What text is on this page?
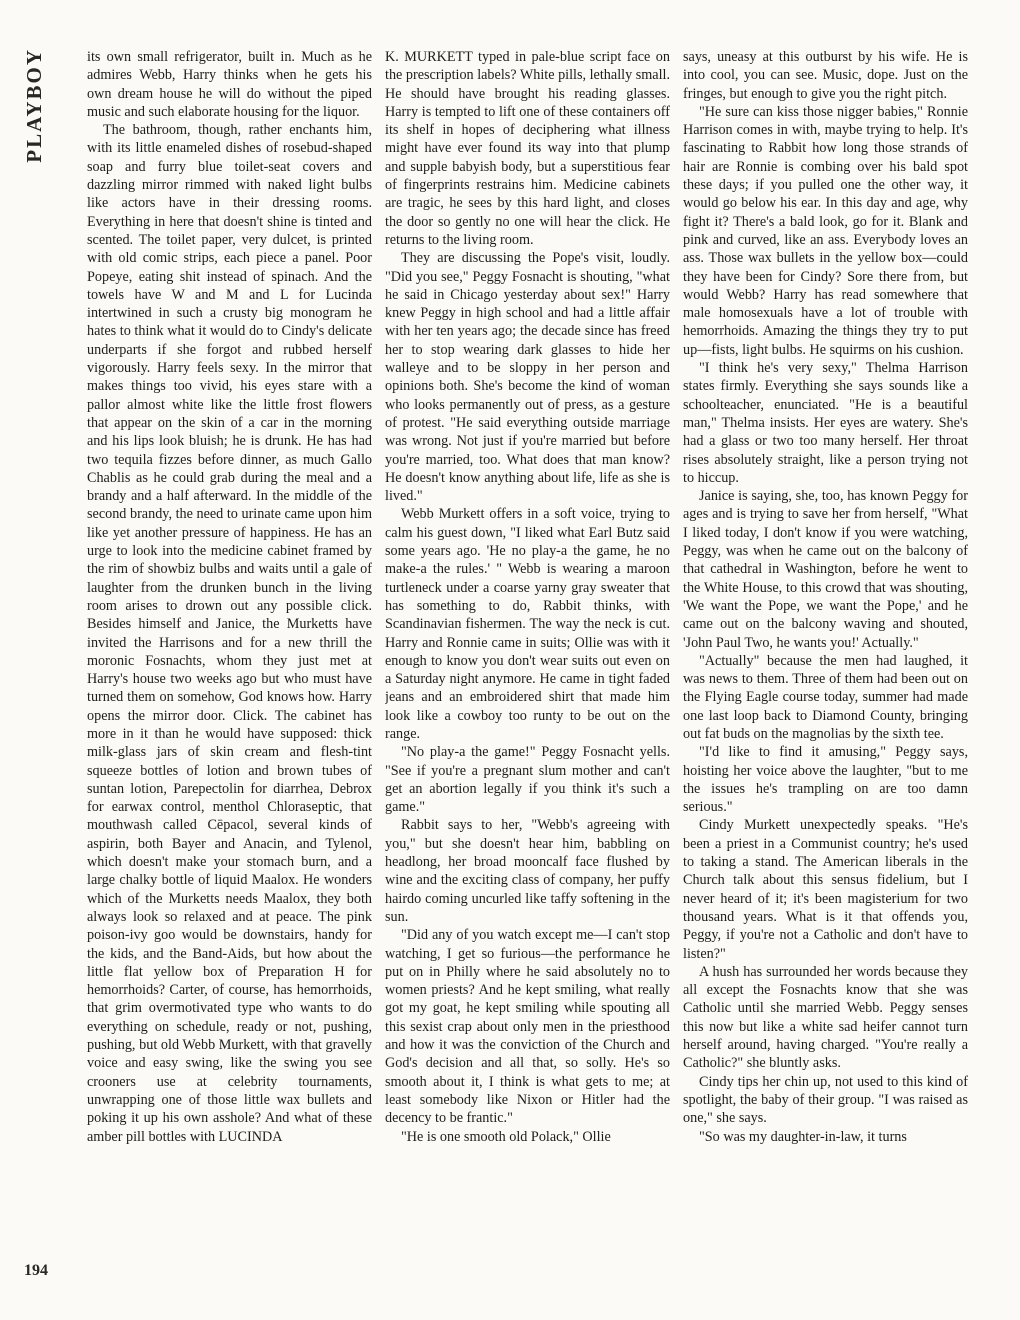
PLAYBOY	its own small refrigerator, built in. Much as he admires Webb, Harry thinks when he gets his own dream house he will do without the piped music and such elaborate housing for the liquor.

The bathroom, though, rather enchants him, with its little enameled dishes of rosebud-shaped soap and furry blue toilet-seat covers and dazzling mirror rimmed with naked light bulbs like actors have in their dressing rooms. Everything in here that doesn't shine is tinted and scented. The toilet paper, very dulcet, is printed with old comic strips, each piece a panel. Poor Popeye, eating shit instead of spinach. And the towels have W and M and L for Lucinda intertwined in such a crusty big monogram he hates to think what it would do to Cindy's delicate underparts if she forgot and rubbed herself vigorously. Harry feels sexy. In the mirror that makes things too vivid, his eyes stare with a pallor almost white like the little frost flowers that appear on the skin of a car in the morning and his lips look bluish; he is drunk. He has had two tequila fizzes before dinner, as much Gallo Chablis as he could grab during the meal and a brandy and a half afterward. In the middle of the second brandy, the need to urinate came upon him like yet another pressure of happiness. He has an urge to look into the medicine cabinet framed by the rim of showbiz bulbs and waits until a gale of laughter from the drunken bunch in the living room arises to drown out any possible click. Besides himself and Janice, the Murketts have invited the Harrisons and for a new thrill the moronic Fosnachts, whom they just met at Harry's house two weeks ago but who must have turned them on somehow, God knows how. Harry opens the mirror door. Click. The cabinet has more in it than he would have supposed: thick milk-glass jars of skin cream and flesh-tint squeeze bottles of lotion and brown tubes of suntan lotion, Parepectolin for diarrhea, Debrox for earwax control, menthol Chloraseptic, that mouthwash called Cēpacol, several kinds of aspirin, both Bayer and Anacin, and Tylenol, which doesn't make your stomach burn, and a large chalky bottle of liquid Maalox. He wonders which of the Murketts needs Maalox, they both always look so relaxed and at peace. The pink poison-ivy goo would be downstairs, handy for the kids, and the Band-Aids, but how about the little flat yellow box of Preparation H for hemorrhoids? Carter, of course, has hemorrhoids, that grim overmotivated type who wants to do everything on schedule, ready or not, pushing, pushing, but old Webb Murkett, with that gravelly voice and easy swing, like the swing you see crooners use at celebrity tournaments, unwrapping one of those little wax bullets and poking it up his own asshole? And what of these amber pill bottles with LUCINDA

K. MURKETT typed in pale-blue script face on the prescription labels? White pills, lethally small. He should have brought his reading glasses. Harry is tempted to lift one of these containers off its shelf in hopes of deciphering what illness might have ever found its way into that plump and supple babyish body, but a superstitious fear of fingerprints restrains him. Medicine cabinets are tragic, he sees by this hard light, and closes the door so gently no one will hear the click. He returns to the living room.

They are discussing the Pope's visit, loudly. "Did you see," Peggy Fosnacht is shouting, "what he said in Chicago yesterday about sex!" Harry knew Peggy in high school and had a little affair with her ten years ago; the decade since has freed her to stop wearing dark glasses to hide her walleye and to be sloppy in her person and opinions both. She's become the kind of woman who looks permanently out of press, as a gesture of protest. "He said everything outside marriage was wrong. Not just if you're married but before you're married, too. What does that man know? He doesn't know anything about life, life as she is lived."

Webb Murkett offers in a soft voice, trying to calm his guest down, "I liked what Earl Butz said some years ago. 'He no play-a the game, he no make-a the rules.' " Webb is wearing a maroon turtleneck under a coarse yarny gray sweater that has something to do, Rabbit thinks, with Scandinavian fishermen. The way the neck is cut. Harry and Ronnie came in suits; Ollie was with it enough to know you don't wear suits out even on a Saturday night anymore. He came in tight faded jeans and an embroidered shirt that made him look like a cowboy too runty to be out on the range.

"No play-a the game!" Peggy Fosnacht yells. "See if you're a pregnant slum mother and can't get an abortion legally if you think it's such a game."

Rabbit says to her, "Webb's agreeing with you," but she doesn't hear him, babbling on headlong, her broad mooncalf face flushed by wine and the exciting class of company, her puffy hairdo coming uncurled like taffy softening in the sun.

"Did any of you watch except me—I can't stop watching, I get so furious—the performance he put on in Philly where he said absolutely no to women priests? And he kept smiling, what really got my goat, he kept smiling while spouting all this sexist crap about only men in the priesthood and how it was the conviction of the Church and God's decision and all that, so solly. He's so smooth about it, I think is what gets to me; at least somebody like Nixon or Hitler had the decency to be frantic."

"He is one smooth old Polack," Ollie

says, uneasy at this outburst by his wife. He is into cool, you can see. Music, dope. Just on the fringes, but enough to give you the right pitch.

"He sure can kiss those nigger babies," Ronnie Harrison comes in with, maybe trying to help. It's fascinating to Rabbit how long those strands of hair are Ronnie is combing over his bald spot these days; if you pulled one the other way, it would go below his ear. In this day and age, why fight it? There's a bald look, go for it. Blank and pink and curved, like an ass. Everybody loves an ass. Those wax bullets in the yellow box—could they have been for Cindy? Sore there from, but would Webb? Harry has read somewhere that male homosexuals have a lot of trouble with hemorrhoids. Amazing the things they try to put up—fists, light bulbs. He squirms on his cushion.

"I think he's very sexy," Thelma Harrison states firmly. Everything she says sounds like a schoolteacher, enunciated. "He is a beautiful man," Thelma insists. Her eyes are watery. She's had a glass or two too many herself. Her throat rises absolutely straight, like a person trying not to hiccup.

Janice is saying, she, too, has known Peggy for ages and is trying to save her from herself, "What I liked today, I don't know if you were watching, Peggy, was when he came out on the balcony of that cathedral in Washington, before he went to the White House, to this crowd that was shouting, 'We want the Pope, we want the Pope,' and he came out on the balcony waving and shouted, 'John Paul Two, he wants you!' Actually."

"Actually" because the men had laughed, it was news to them. Three of them had been out on the Flying Eagle course today, summer had made one last loop back to Diamond County, bringing out fat buds on the magnolias by the sixth tee.

"I'd like to find it amusing," Peggy says, hoisting her voice above the laughter, "but to me the issues he's trampling on are too damn serious."

Cindy Murkett unexpectedly speaks. "He's been a priest in a Communist country; he's used to taking a stand. The American liberals in the Church talk about this sensus fidelium, but I never heard of it; it's been magisterium for two thousand years. What is it that offends you, Peggy, if you're not a Catholic and don't have to listen?"

A hush has surrounded her words because they all except the Fosnachts know that she was Catholic until she married Webb. Peggy senses this now but like a white sad heifer cannot turn herself around, having charged. "You're really a Catholic?" she bluntly asks.

Cindy tips her chin up, not used to this kind of spotlight, the baby of their group. "I was raised as one," she says.

"So was my daughter-in-law, it turns

194
